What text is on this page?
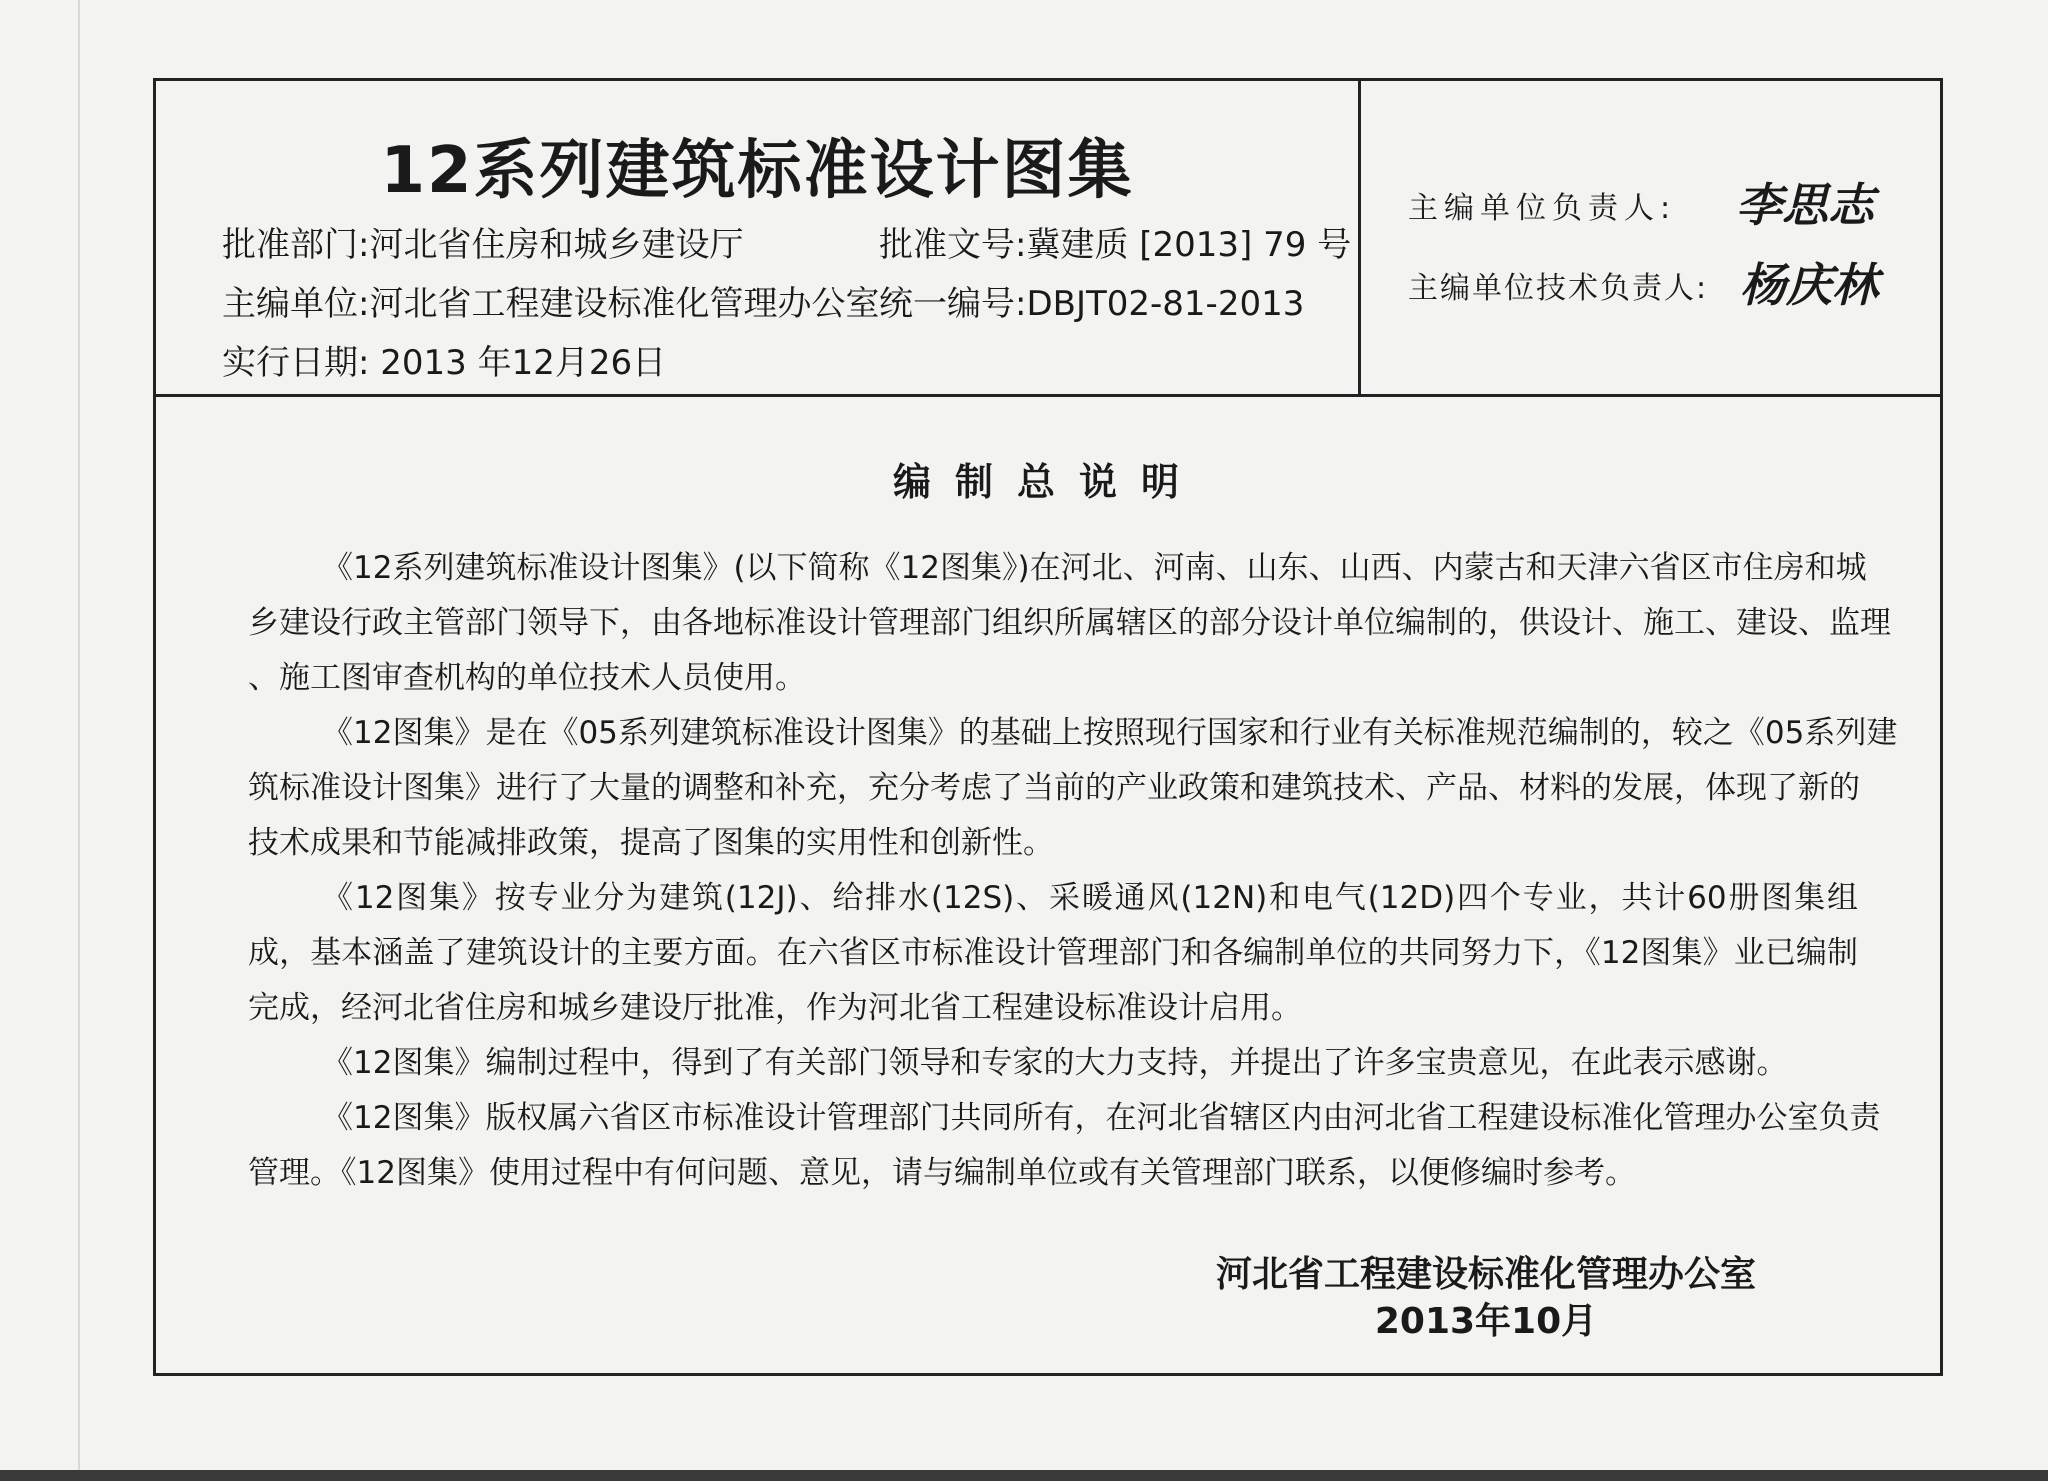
12系列建筑标准设计图集
批准部门:河北省住房和城乡建设厅	批准文号:冀建质 [2013] 79 号
主编单位:河北省工程建设标准化管理办公室 统一编号:DBJT02-81-2013
实行日期: 2013 年12月26日
主编单位负责人: 李思志
主编单位技术负责人: 杨庆林
编制总说明
《12系列建筑标准设计图集》(以下简称《12图集》)在河北、河南、山东、山西、内蒙古和天津六省区市住房和城
乡建设行政主管部门领导下，由各地标准设计管理部门组织所属辖区的部分设计单位编制的，供设计、施工、建设、监理
、施工图审查机构的单位技术人员使用。
《12图集》是在《05系列建筑标准设计图集》的基础上按照现行国家和行业有关标准规范编制的，较之《05系列建
筑标准设计图集》进行了大量的调整和补充，充分考虑了当前的产业政策和建筑技术、产品、材料的发展，体现了新的
技术成果和节能减排政策，提高了图集的实用性和创新性。
《12图集》按专业分为建筑(12J)、给排水(12S)、采暖通风(12N)和电气(12D)四个专业，共计60册图集组
成，基本涵盖了建筑设计的主要方面。在六省区市标准设计管理部门和各编制单位的共同努力下，《12图集》业已编制
完成，经河北省住房和城乡建设厅批准，作为河北省工程建设标准设计启用。
《12图集》编制过程中，得到了有关部门领导和专家的大力支持，并提出了许多宝贵意见，在此表示感谢。
《12图集》版权属六省区市标准设计管理部门共同所有，在河北省辖区内由河北省工程建设标准化管理办公室负责
管理。《12图集》使用过程中有何问题、意见，请与编制单位或有关管理部门联系，以便修编时参考。
河北省工程建设标准化管理办公室
2013年10月
